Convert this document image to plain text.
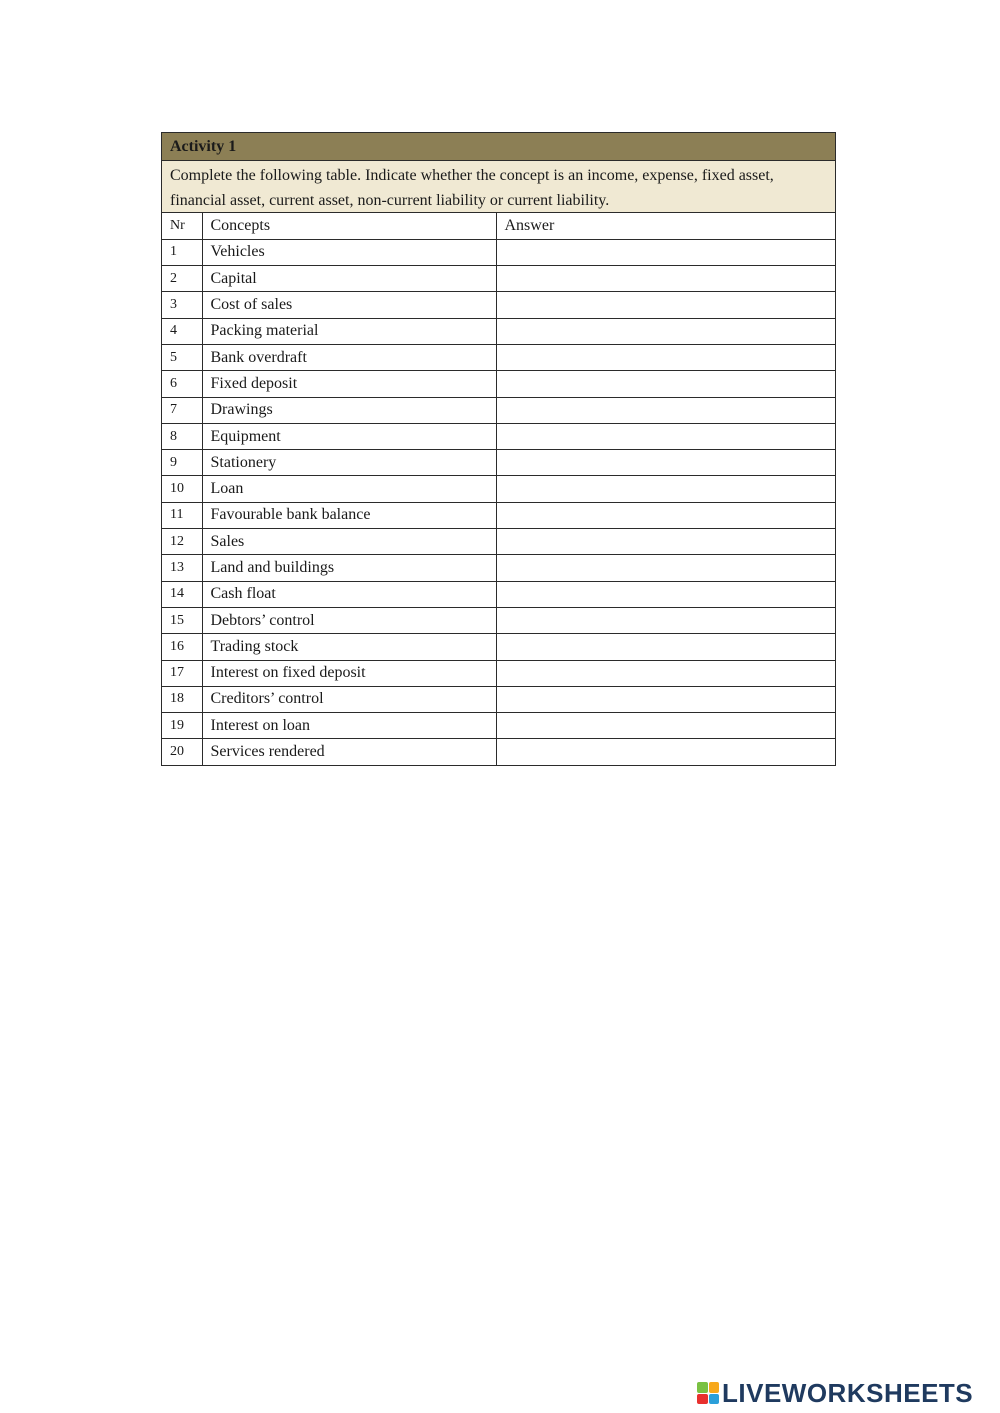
Activity 1
Complete the following table. Indicate whether the concept is an income, expense, fixed asset, financial asset, current asset, non-current liability or current liability.
Nr	Concepts	Answer
1	Vehicles	
2	Capital	
3	Cost of sales	
4	Packing material	
5	Bank overdraft	
6	Fixed deposit	
7	Drawings	
8	Equipment	
9	Stationery	
10	Loan	
11	Favourable bank balance	
12	Sales	
13	Land and buildings	
14	Cash float	
15	Debtors’ control	
16	Trading stock	
17	Interest on fixed deposit	
18	Creditors’ control	
19	Interest on loan	
20	Services rendered	
LIVEWORKSHEETS
